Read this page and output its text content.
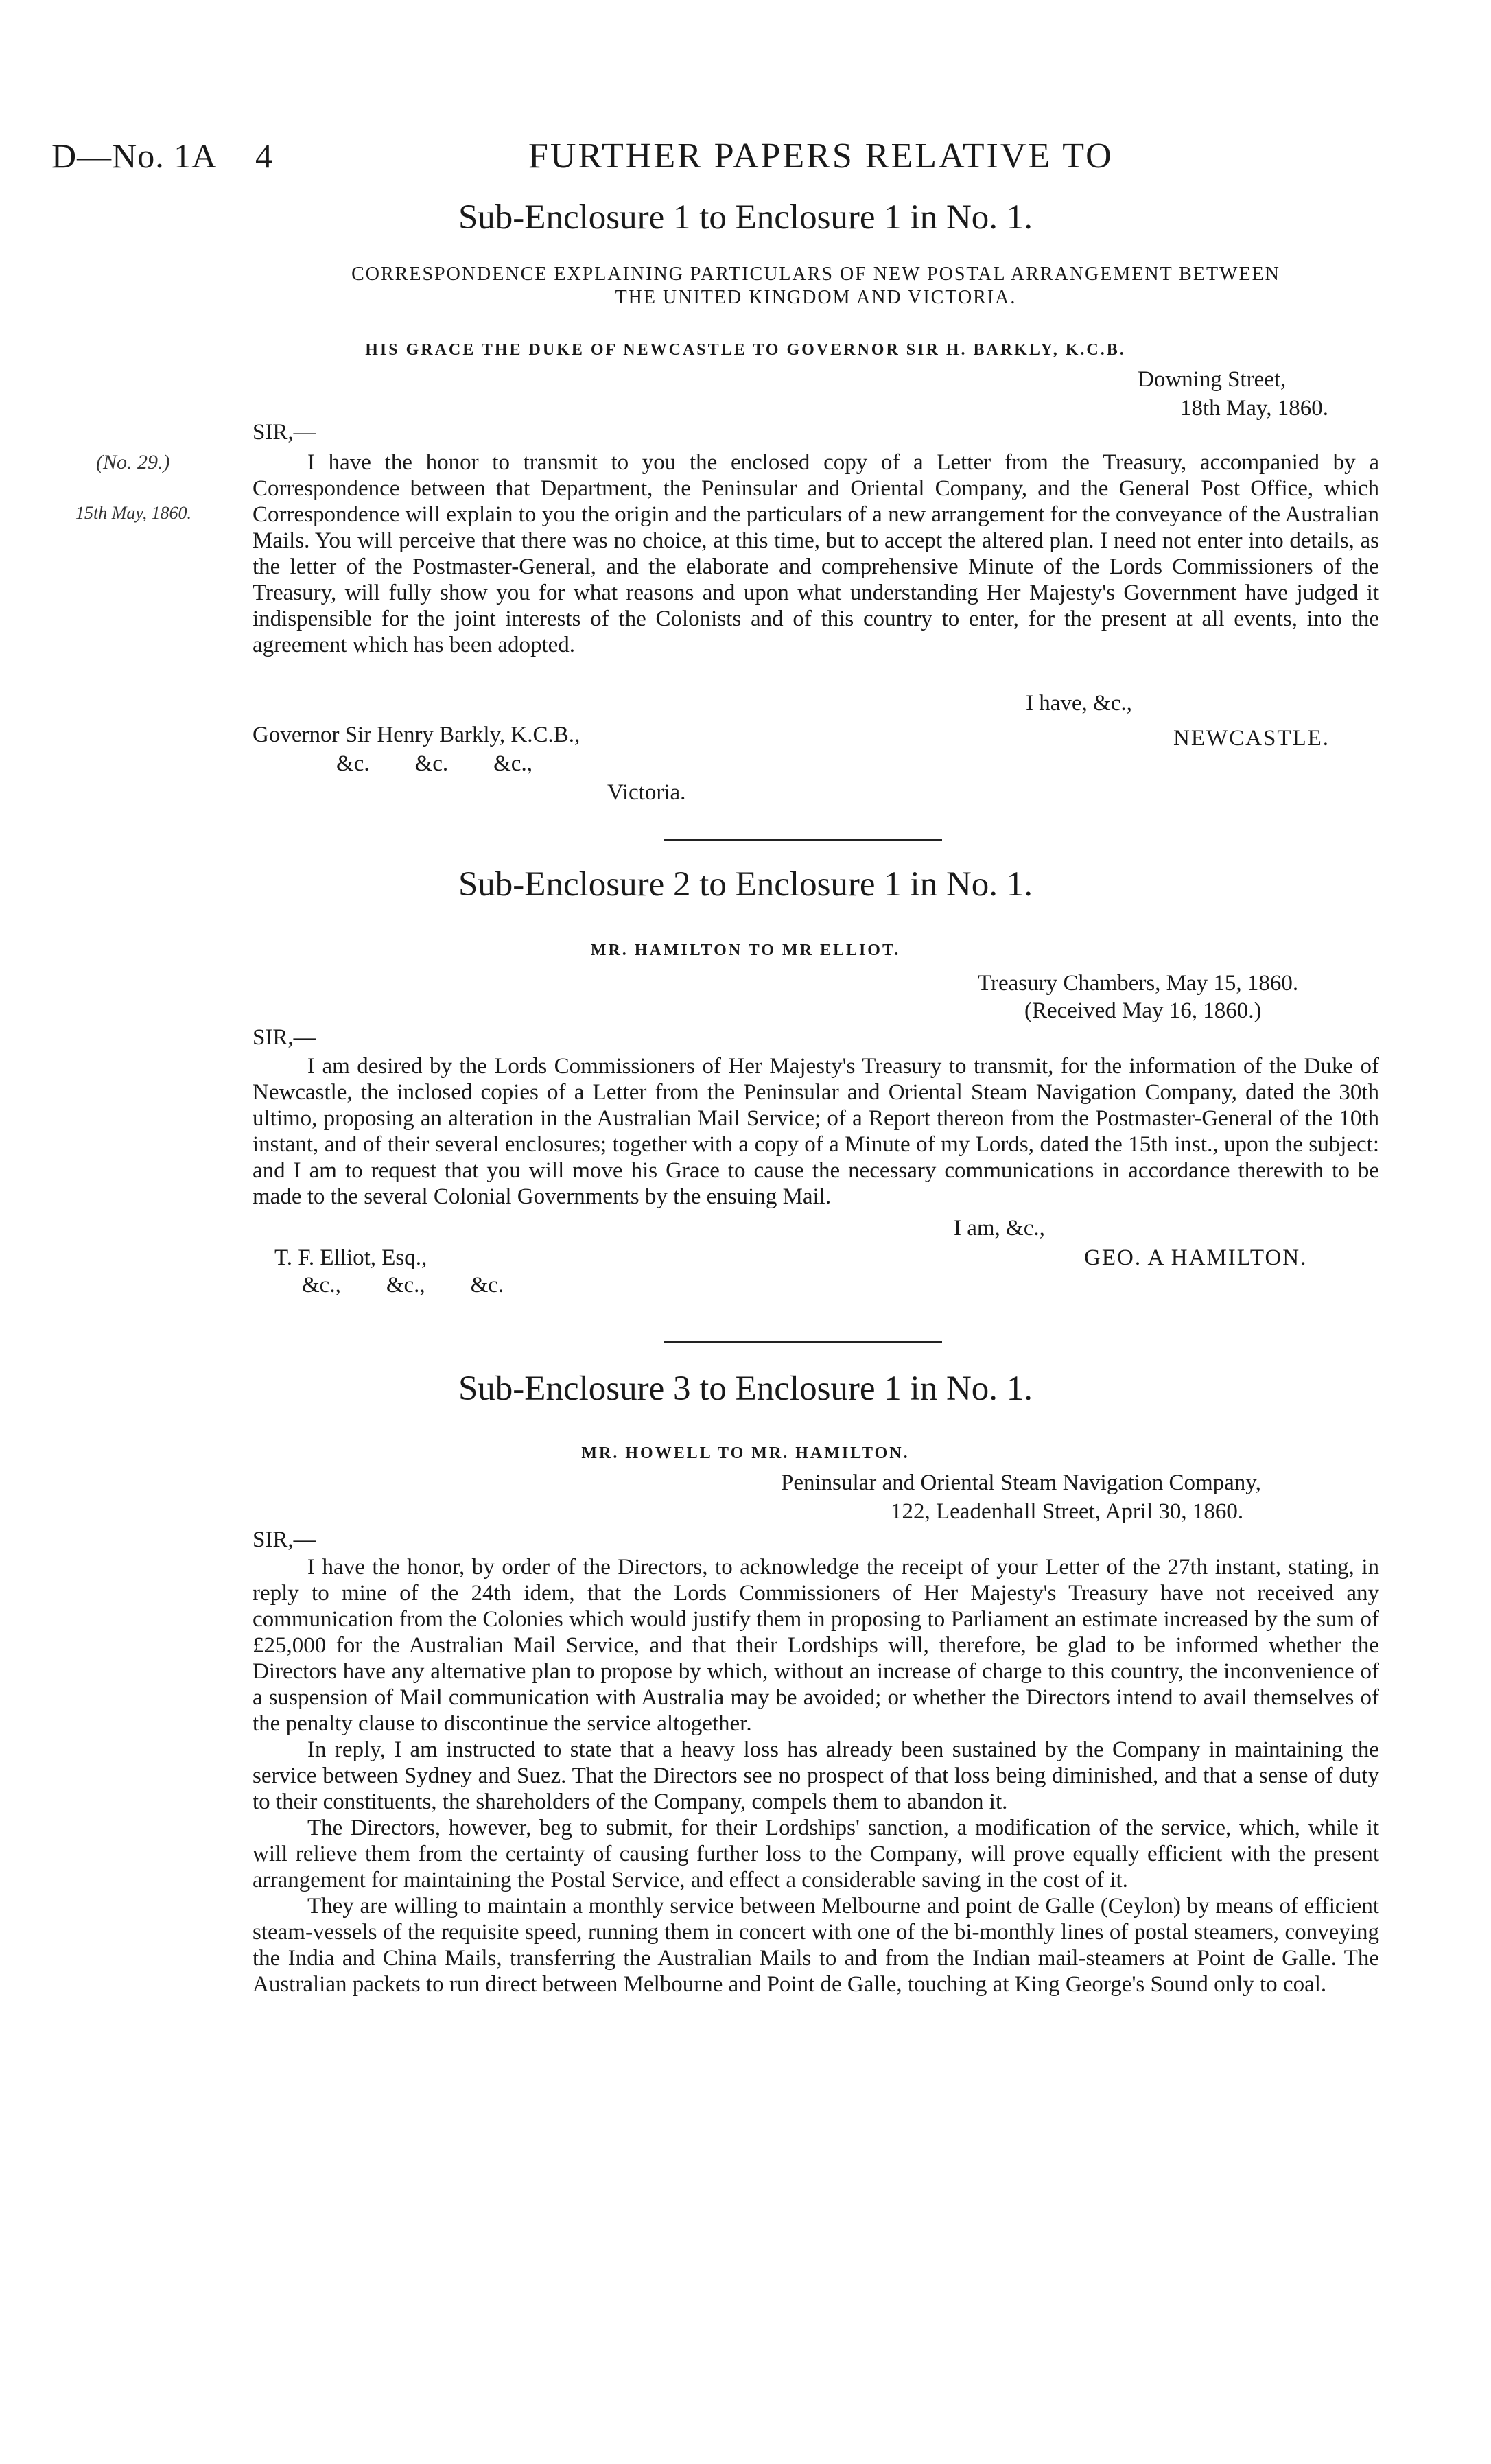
D—No. 1A 4	FURTHER PAPERS RELATIVE TO
Sub-Enclosure 1 to Enclosure 1 in No. 1.
CORRESPONDENCE EXPLAINING PARTICULARS OF NEW POSTAL ARRANGEMENT BETWEEN
THE UNITED KINGDOM AND VICTORIA.
HIS GRACE THE DUKE OF NEWCASTLE TO GOVERNOR SIR H. BARKLY, K.C.B.
Downing Street,
18th May, 1860.
SIR,—
(No. 29.)
15th May, 1860.

I have the honor to transmit to you the enclosed copy of a Letter from the Treasury, accompanied by a Correspondence between that Department, the Peninsular and Oriental Company, and the General Post Office, which Correspondence will explain to you the origin and the particulars of a new arrangement for the conveyance of the Australian Mails. You will perceive that there was no choice, at this time, but to accept the altered plan. I need not enter into details, as the letter of the Postmaster-General, and the elaborate and comprehensive Minute of the Lords Commissioners of the Treasury, will fully show you for what reasons and upon what understanding Her Majesty's Government have judged it indispensible for the joint interests of the Colonists and of this country to enter, for the present at all events, into the agreement which has been adopted.

I have, &c.,
NEWCASTLE.
Governor Sir Henry Barkly, K.C.B.,
&c.        &c.        &c.,
Victoria.
Sub-Enclosure 2 to Enclosure 1 in No. 1.
MR. HAMILTON TO MR ELLIOT.
Treasury Chambers, May 15, 1860.
(Received May 16, 1860.)
SIR,—

I am desired by the Lords Commissioners of Her Majesty's Treasury to transmit, for the information of the Duke of Newcastle, the inclosed copies of a Letter from the Peninsular and Oriental Steam Navigation Company, dated the 30th ultimo, proposing an alteration in the Australian Mail Service; of a Report thereon from the Postmaster-General of the 10th instant, and of their several enclosures; together with a copy of a Minute of my Lords, dated the 15th inst., upon the subject: and I am to request that you will move his Grace to cause the necessary communications in accordance therewith to be made to the several Colonial Governments by the ensuing Mail.

I am, &c.,
T. F. Elliot, Esq.,	GEO. A HAMILTON.
&c.,        &c.,        &c.
Sub-Enclosure 3 to Enclosure 1 in No. 1.
MR. HOWELL TO MR. HAMILTON.
Peninsular and Oriental Steam Navigation Company,
122, Leadenhall Street, April 30, 1860.
SIR,—

I have the honor, by order of the Directors, to acknowledge the receipt of your Letter of the 27th instant, stating, in reply to mine of the 24th idem, that the Lords Commissioners of Her Majesty's Treasury have not received any communication from the Colonies which would justify them in proposing to Parliament an estimate increased by the sum of £25,000 for the Australian Mail Service, and that their Lordships will, therefore, be glad to be informed whether the Directors have any alternative plan to propose by which, without an increase of charge to this country, the inconvenience of a suspension of Mail communication with Australia may be avoided; or whether the Directors intend to avail themselves of the penalty clause to discontinue the service altogether.

In reply, I am instructed to state that a heavy loss has already been sustained by the Company in maintaining the service between Sydney and Suez. That the Directors see no prospect of that loss being diminished, and that a sense of duty to their constituents, the shareholders of the Company, compels them to abandon it.

The Directors, however, beg to submit, for their Lordships' sanction, a modification of the service, which, while it will relieve them from the certainty of causing further loss to the Company, will prove equally efficient with the present arrangement for maintaining the Postal Service, and effect a considerable saving in the cost of it.

They are willing to maintain a monthly service between Melbourne and point de Galle (Ceylon) by means of efficient steam-vessels of the requisite speed, running them in concert with one of the bi-monthly lines of postal steamers, conveying the India and China Mails, transferring the Australian Mails to and from the Indian mail-steamers at Point de Galle. The Australian packets to run direct between Melbourne and Point de Galle, touching at King George's Sound only to coal.
